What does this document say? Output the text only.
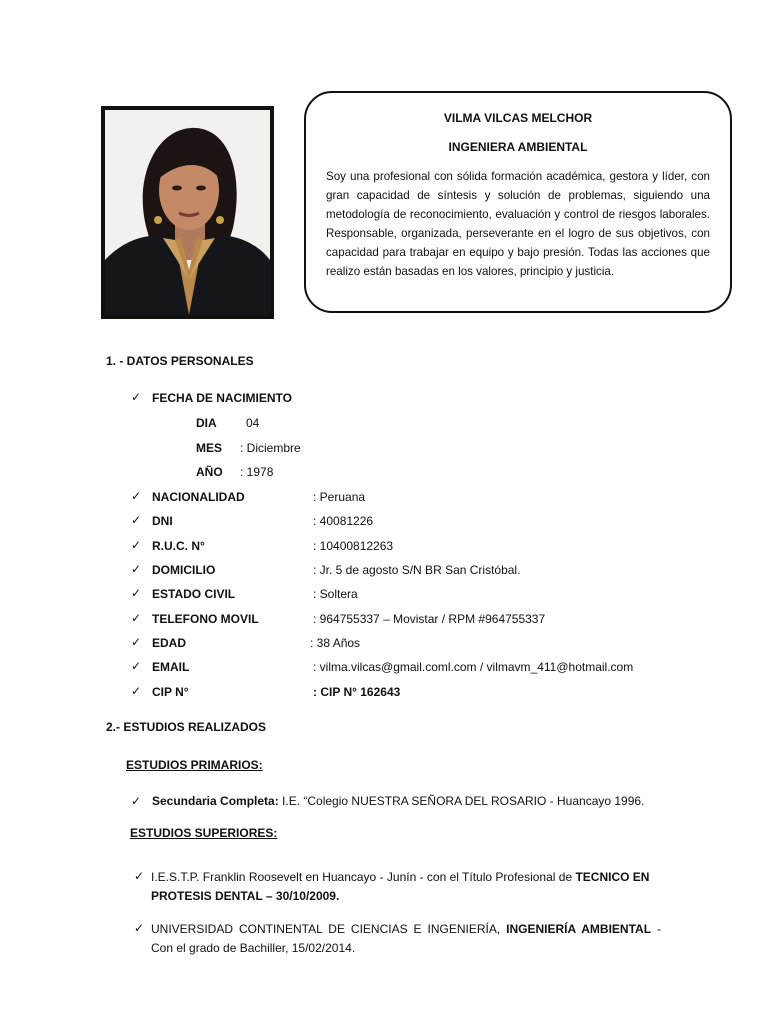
VILMA VILCAS MELCHOR
INGENIERA AMBIENTAL
Soy una profesional con sólida formación académica, gestora y líder, con gran capacidad de síntesis y solución de problemas, siguiendo una metodología de reconocimiento, evaluación y control de riesgos laborales. Responsable, organizada, perseverante en el logro de sus objetivos, con capacidad para trabajar en equipo y bajo presión. Todas las acciones que realizo están basadas en los valores, principio y justicia.
1. - DATOS PERSONALES
✓ FECHA DE NACIMIENTO
DIA 04
MES : Diciembre
AÑO : 1978
✓ NACIONALIDAD	: Peruana
✓ DNI	: 40081226
✓ R.U.C. N°	: 10400812263
✓ DOMICILIO	: Jr. 5 de agosto S/N BR San Cristóbal.
✓ ESTADO CIVIL	: Soltera
✓ TELEFONO MOVIL	: 964755337 – Movistar / RPM #964755337
✓ EDAD	: 38 Años
✓ EMAIL	: vilma.vilcas@gmail.coml.com / vilmavm_411@hotmail.com
✓ CIP N°	: CIP N° 162643
2.- ESTUDIOS REALIZADOS
ESTUDIOS PRIMARIOS:
✓ Secundaria Completa: I.E. “Colegio NUESTRA SEÑORA DEL ROSARIO - Huancayo 1996.
ESTUDIOS SUPERIORES:
✓ I.E.S.T.P. Franklin Roosevelt en Huancayo - Junín - con el Título Profesional de TECNICO EN PROTESIS DENTAL – 30/10/2009.
✓ UNIVERSIDAD CONTINENTAL DE CIENCIAS E INGENIERÍA, INGENIERÍA AMBIENTAL - Con el grado de Bachiller, 15/02/2014.
